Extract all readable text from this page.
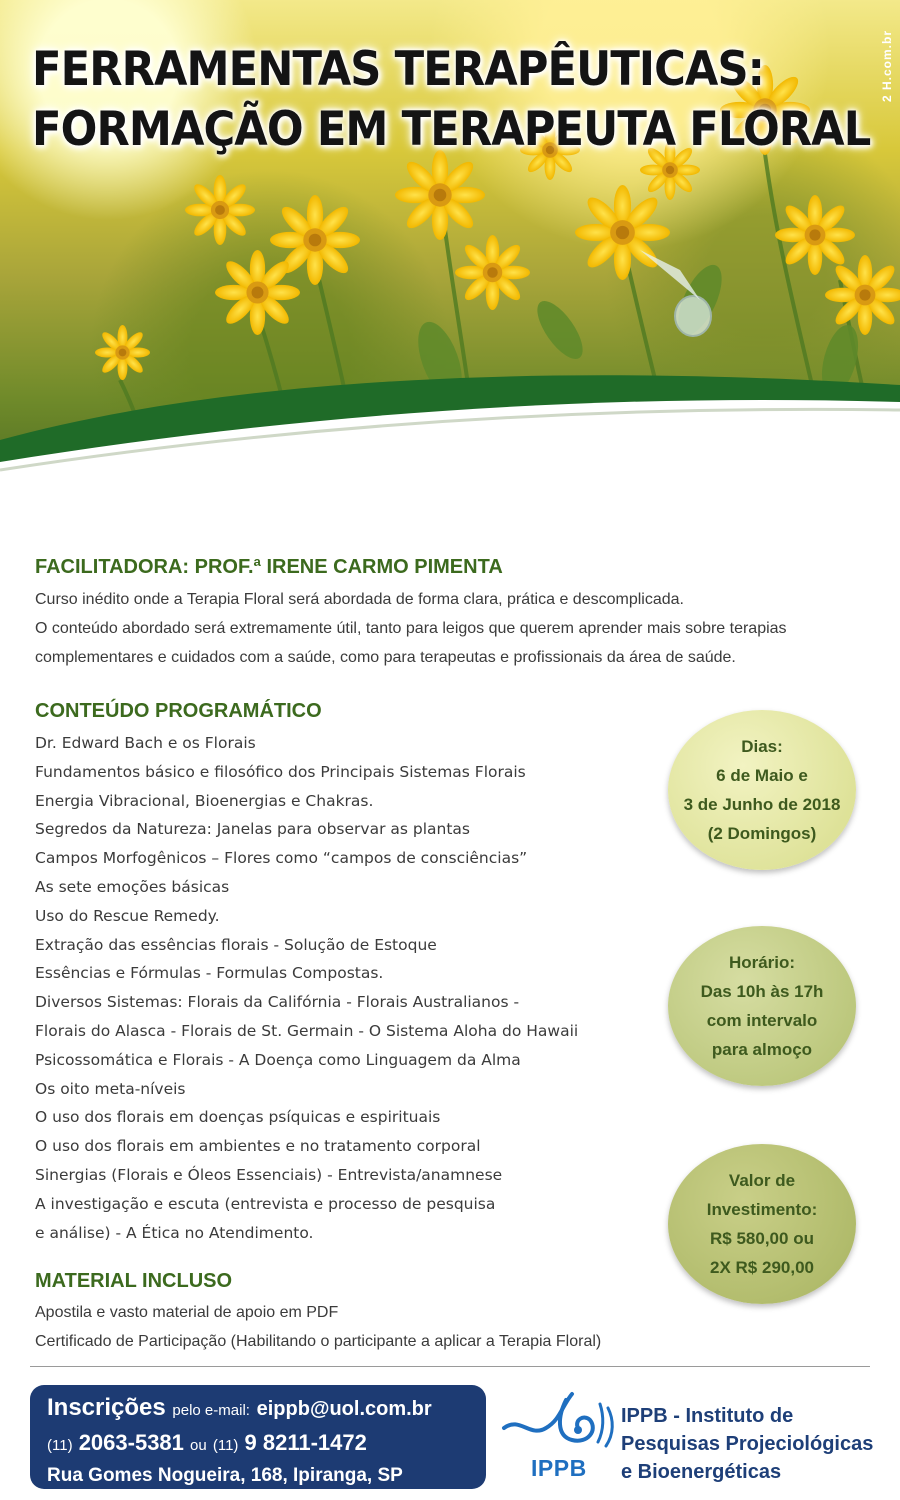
FERRAMENTAS TERAPÊUTICAS:
FORMAÇÃO EM TERAPEUTA FLORAL
2 H.com.br
FACILITADORA: PROF.ª IRENE CARMO PIMENTA

Curso inédito onde a Terapia Floral será abordada de forma clara, prática e descomplicada.
O conteúdo abordado será extremamente útil, tanto para leigos que querem aprender mais sobre terapias
complementares e cuidados com a saúde, como para terapeutas e profissionais da área de saúde.

CONTEÚDO PROGRAMÁTICO
Dr. Edward Bach e os Florais
Fundamentos básico e filosófico dos Principais Sistemas Florais
Energia Vibracional, Bioenergias e Chakras.
Segredos da Natureza: Janelas para observar as plantas
Campos Morfogênicos – Flores como “campos de consciências”
As sete emoções básicas
Uso do Rescue Remedy.
Extração das essências florais - Solução de Estoque
Essências e Fórmulas - Formulas Compostas.
Diversos Sistemas: Florais da Califórnia - Florais Australianos -
Florais do Alasca - Florais de St. Germain - O Sistema Aloha do Hawaii
Psicossomática e Florais - A Doença como Linguagem da Alma
Os oito meta-níveis
O uso dos florais em doenças psíquicas e espirituais
O uso dos florais em ambientes e no tratamento corporal
Sinergias (Florais e Óleos Essenciais) - Entrevista/anamnese
A investigação e escuta (entrevista e processo de pesquisa
e análise) - A Ética no Atendimento.
Dias:
6 de Maio e
3 de Junho de 2018
(2 Domingos)
Horário:
Das 10h às 17h
com intervalo
para almoço
Valor de
Investimento:
R$ 580,00 ou
2X R$ 290,00
MATERIAL INCLUSO

Apostila e vasto material de apoio em PDF
Certificado de Participação (Habilitando o participante a aplicar a Terapia Floral)

Inscrições pelo e-mail: eippb@uol.com.br
(11) 2063-5381 ou (11) 9 8211-1472
Rua Gomes Nogueira, 168, Ipiranga, SP	IPPB

IPPB - Instituto de
Pesquisas Projeciológicas
e Bioenergéticas
